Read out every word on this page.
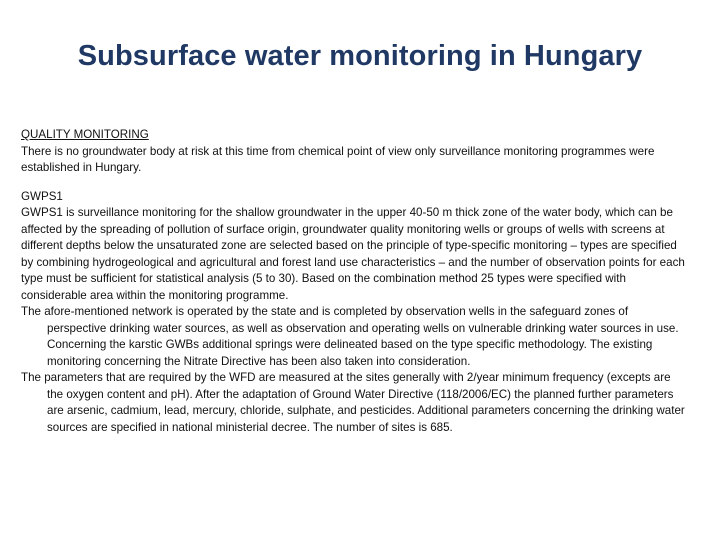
Subsurface water monitoring in Hungary
QUALITY MONITORING

There is no groundwater body at risk at this time from chemical point of view only surveillance monitoring programmes were established in Hungary.

GWPS1

GWPS1 is surveillance monitoring for the shallow groundwater in the upper 40-50 m thick zone of the water body, which can be affected by the spreading of pollution of surface origin, groundwater quality monitoring wells or groups of wells with screens at different depths below the unsaturated zone are selected based on the principle of type-specific monitoring – types are specified by combining hydrogeological and agricultural and forest land use characteristics – and the number of observation points for each type must be sufficient for statistical analysis (5 to 30). Based on the combination method 25 types were specified with considerable area within the monitoring programme.

The afore-mentioned network is operated by the state and is completed by observation wells in the safeguard zones of perspective drinking water sources, as well as observation and operating wells on vulnerable drinking water sources in use. Concerning the karstic GWBs additional springs were delineated based on the type specific methodology. The existing monitoring concerning the Nitrate Directive has been also taken into consideration.

The parameters that are required by the WFD are measured at the sites generally with 2/year minimum frequency (excepts are the oxygen content and pH). After the adaptation of Ground Water Directive (118/2006/EC) the planned further parameters are arsenic, cadmium, lead, mercury, chloride, sulphate, and pesticides. Additional parameters concerning the drinking water sources are specified in national ministerial decree. The number of sites is 685.
